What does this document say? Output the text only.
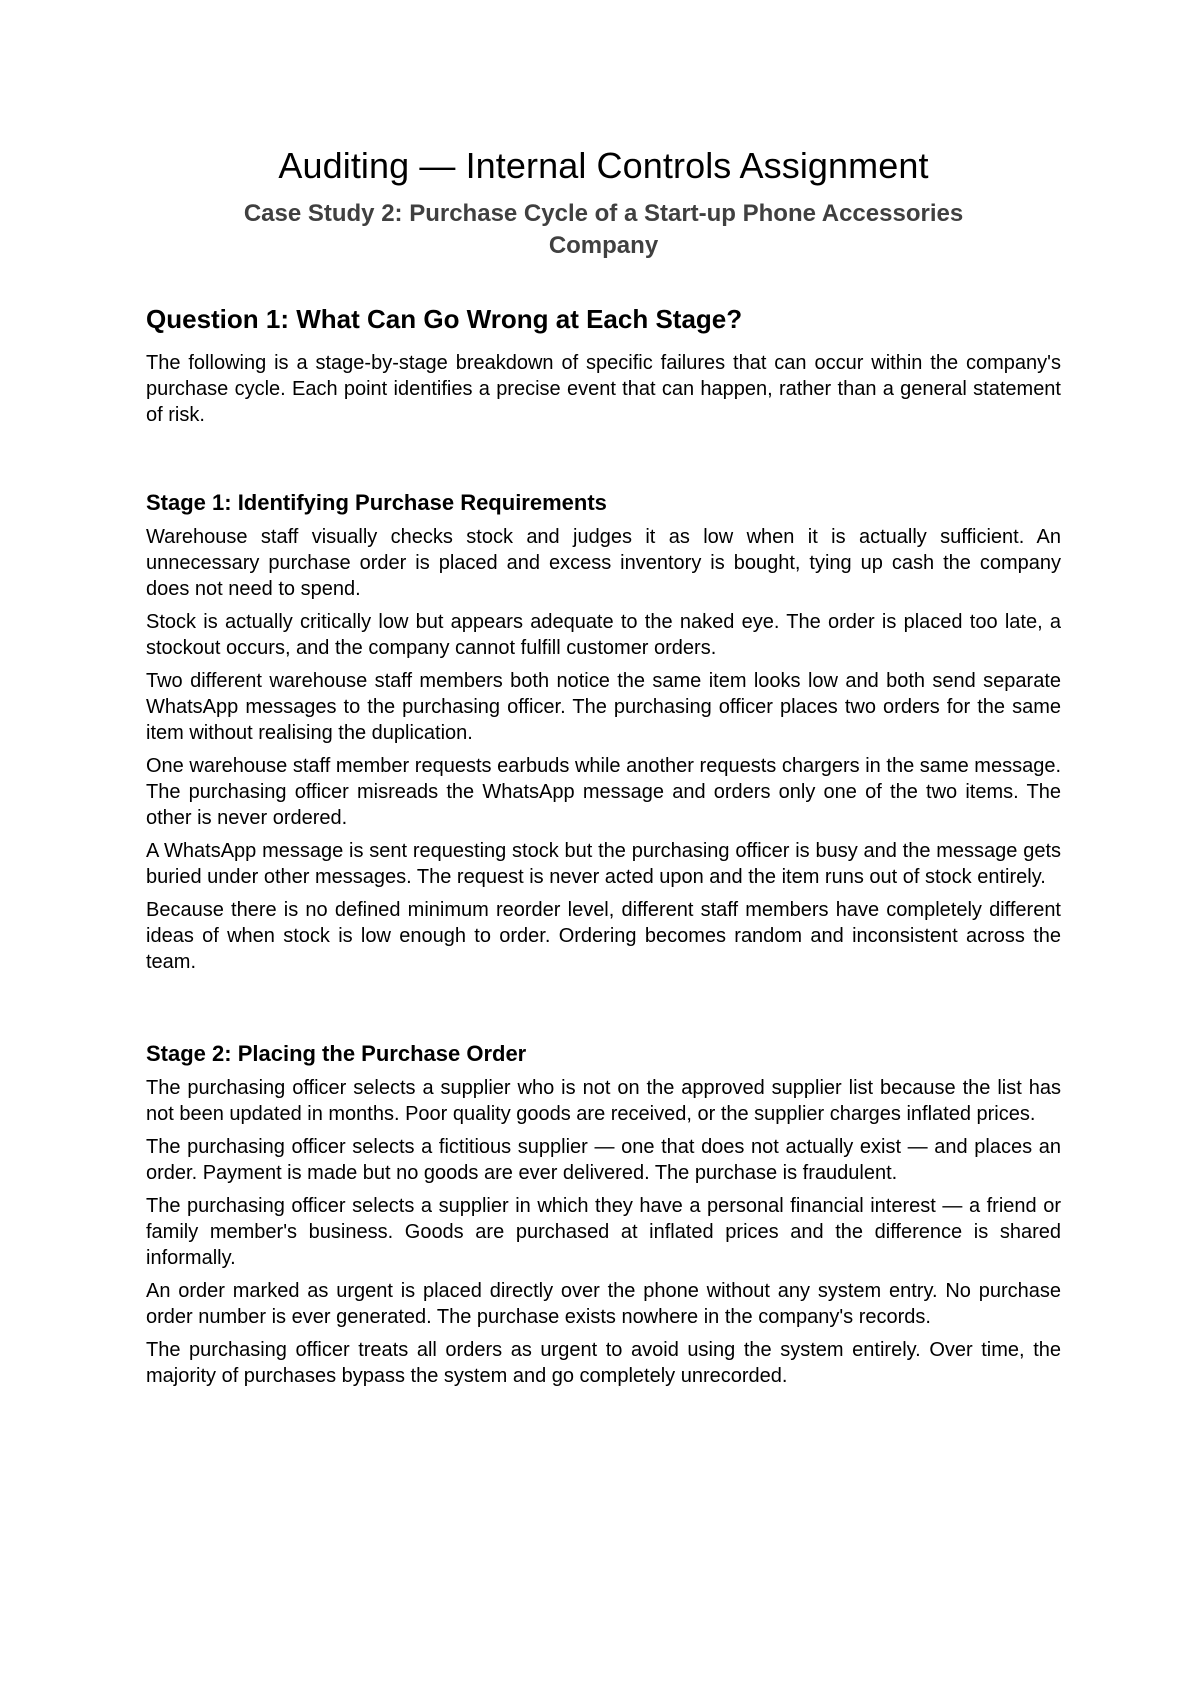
Auditing — Internal Controls Assignment
Case Study 2: Purchase Cycle of a Start-up Phone Accessories Company
Question 1: What Can Go Wrong at Each Stage?

The following is a stage-by-stage breakdown of specific failures that can occur within the company's purchase cycle. Each point identifies a precise event that can happen, rather than a general statement of risk.

Stage 1: Identifying Purchase Requirements
Warehouse staff visually checks stock and judges it as low when it is actually sufficient. An unnecessary purchase order is placed and excess inventory is bought, tying up cash the company does not need to spend.
Stock is actually critically low but appears adequate to the naked eye. The order is placed too late, a stockout occurs, and the company cannot fulfill customer orders.
Two different warehouse staff members both notice the same item looks low and both send separate WhatsApp messages to the purchasing officer. The purchasing officer places two orders for the same item without realising the duplication.
One warehouse staff member requests earbuds while another requests chargers in the same message. The purchasing officer misreads the WhatsApp message and orders only one of the two items. The other is never ordered.
A WhatsApp message is sent requesting stock but the purchasing officer is busy and the message gets buried under other messages. The request is never acted upon and the item runs out of stock entirely.
Because there is no defined minimum reorder level, different staff members have completely different ideas of when stock is low enough to order. Ordering becomes random and inconsistent across the team.
Stage 2: Placing the Purchase Order
The purchasing officer selects a supplier who is not on the approved supplier list because the list has not been updated in months. Poor quality goods are received, or the supplier charges inflated prices.
The purchasing officer selects a fictitious supplier — one that does not actually exist — and places an order. Payment is made but no goods are ever delivered. The purchase is fraudulent.
The purchasing officer selects a supplier in which they have a personal financial interest — a friend or family member's business. Goods are purchased at inflated prices and the difference is shared informally.
An order marked as urgent is placed directly over the phone without any system entry. No purchase order number is ever generated. The purchase exists nowhere in the company's records.
The purchasing officer treats all orders as urgent to avoid using the system entirely. Over time, the majority of purchases bypass the system and go completely unrecorded.
